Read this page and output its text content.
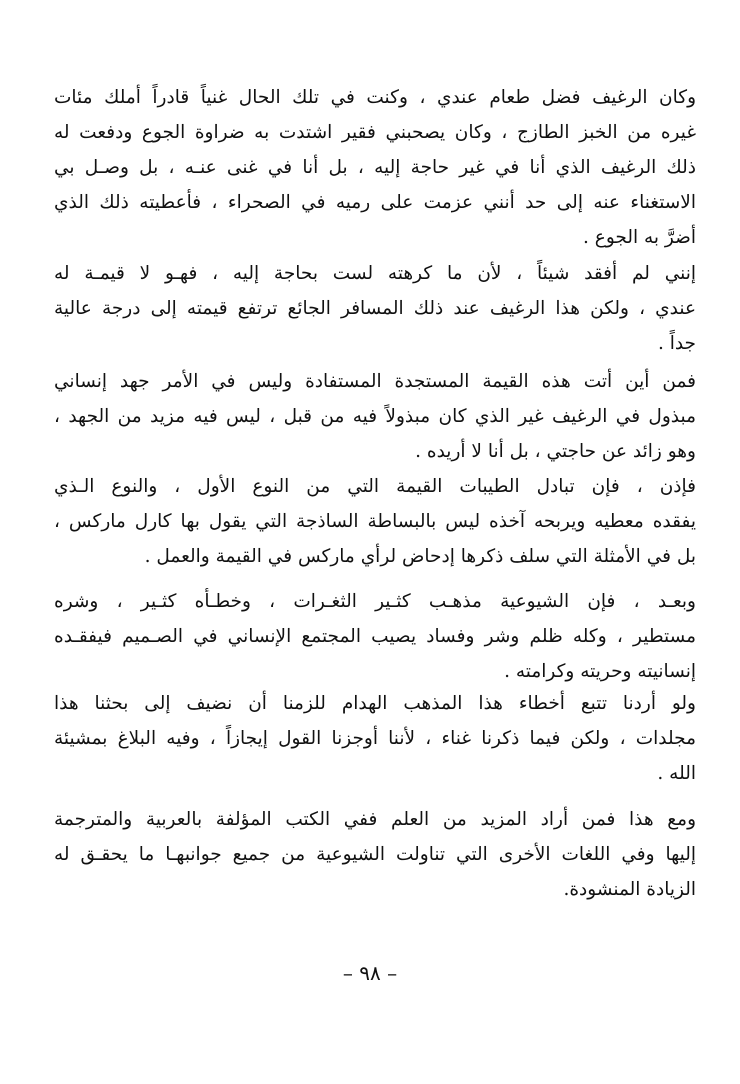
وكان الرغيف فضل طعام عندي ، وكنت في تلك الحال غنياً قادراً أملك مئات
غيره من الخبز الطازج ، وكان يصحبني فقير اشتدت به ضراوة الجوع ودفعت له
ذلك الرغيف الذي أنا في غير حاجة إليه ، بل أنا في غنى عنـه ، بل وصـل بي
الاستغناء عنه إلى حد أنني عزمت على رميه في الصحراء ، فأعطيته ذلك الذي
أضرَّ به الجوع .
إنني لم أفقد شيئاً ، لأن ما كرهته لست بحاجة إليه ، فهـو لا قيمـة له
عندي ، ولكن هذا الرغيف عند ذلك المسافر الجائع ترتفع قيمته إلى درجة عالية
جداً .
فمن أين أتت هذه القيمة المستجدة المستفادة وليس في الأمر جهد إنساني
مبذول في الرغيف غير الذي كان مبذولاً فيه من قبل ، ليس فيه مزيد من الجهد ،
وهو زائد عن حاجتي ، بل أنا لا أريده .
فإذن ، فإن تبادل الطيبات القيمة التي من النوع الأول ، والنوع الـذي
يفقده معطيه ويربحه آخذه ليس بالبساطة الساذجة التي يقول بها كارل ماركس ،
بل في الأمثلة التي سلف ذكرها إدحاض لرأي ماركس في القيمة والعمل .
وبعـد ، فإن الشيوعية مذهـب كثـير الثغـرات ، وخطـأه كثـير ، وشره
مستطير ، وكله ظلم وشر وفساد يصيب المجتمع الإنساني في الصـميم فيفقـده
إنسانيته وحريته وكرامته .
ولو أردنا تتبع أخطاء هذا المذهب الهدام للزمنا أن نضيف إلى بحثنا هذا
مجلدات ، ولكن فيما ذكرنا غناء ، لأننا أوجزنا القول إيجازاً ، وفيه البلاغ بمشيئة
الله .
ومع هذا فمن أراد المزيد من العلم ففي الكتب المؤلفة بالعربية والمترجمة
إليها وفي اللغات الأخرى التي تناولت الشيوعية من جميع جوانبهـا ما يحقـق له
الزيادة المنشودة.
– ٩٨ –
